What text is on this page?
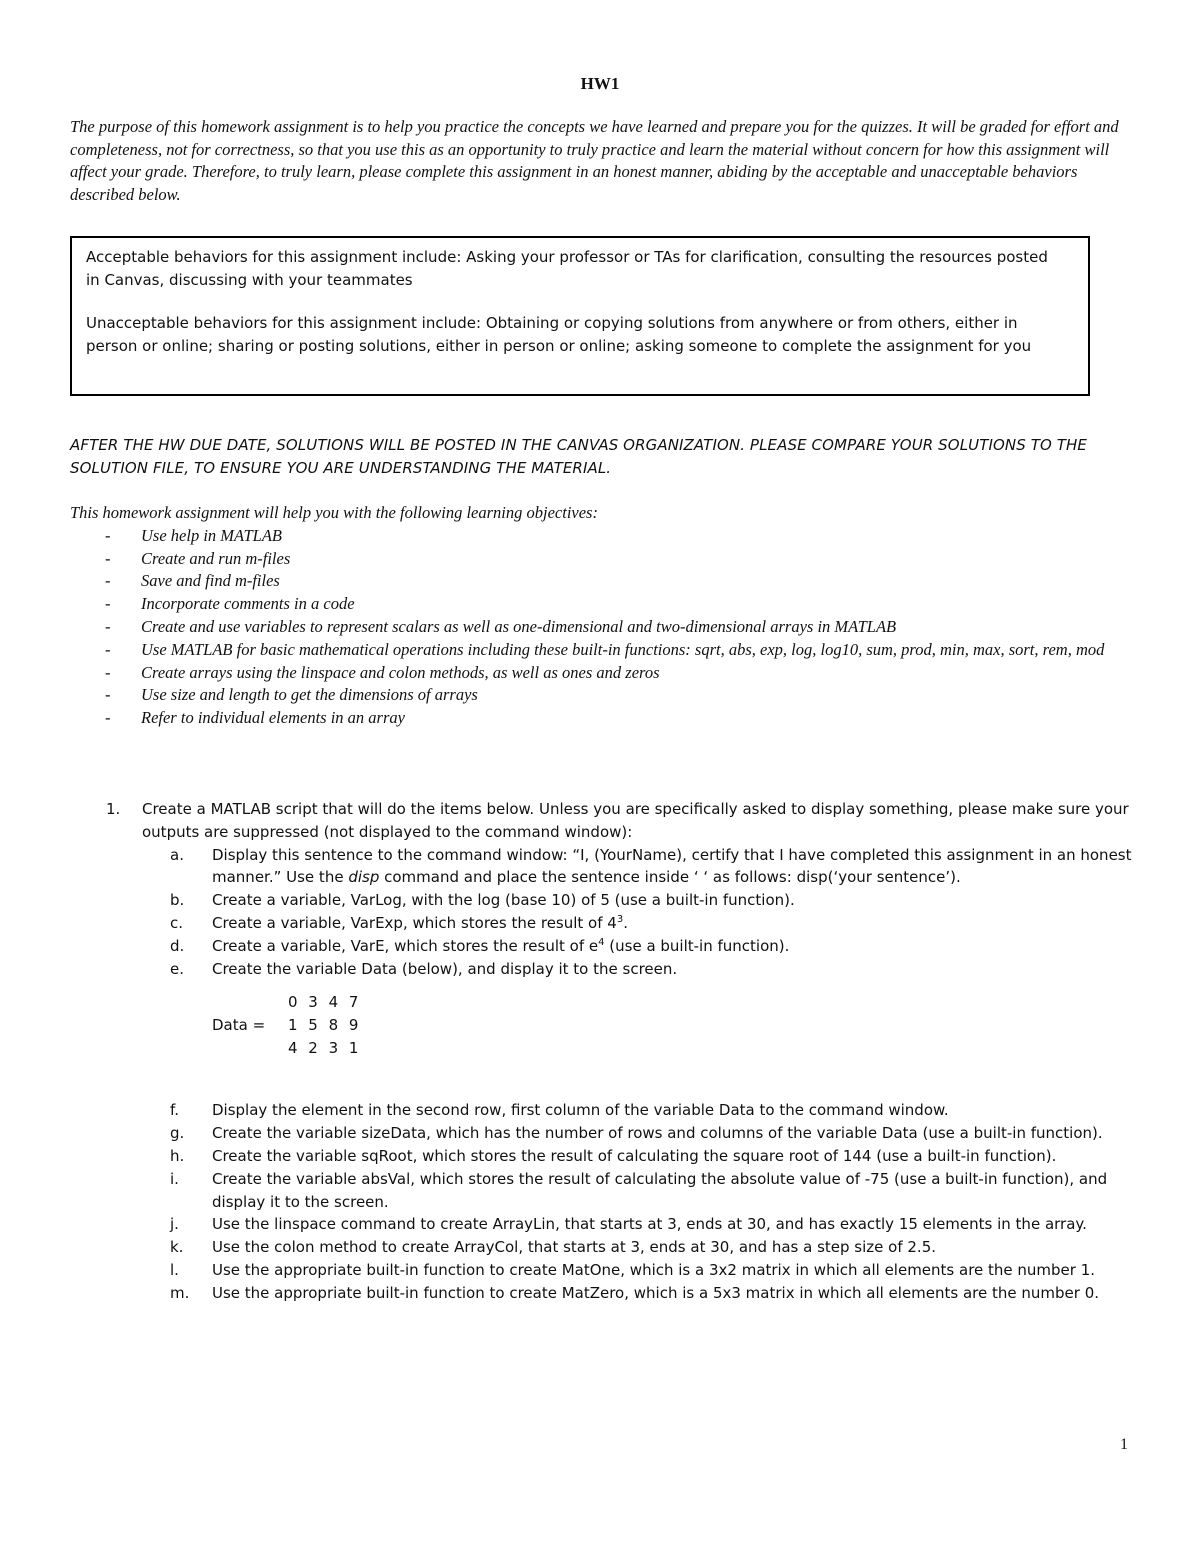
HW1
The purpose of this homework assignment is to help you practice the concepts we have learned and prepare you for the quizzes. It will be graded for effort and completeness, not for correctness, so that you use this as an opportunity to truly practice and learn the material without concern for how this assignment will affect your grade. Therefore, to truly learn, please complete this assignment in an honest manner, abiding by the acceptable and unacceptable behaviors described below.

Acceptable behaviors for this assignment include: Asking your professor or TAs for clarification, consulting the resources posted in Canvas, discussing with your teammates

Unacceptable behaviors for this assignment include: Obtaining or copying solutions from anywhere or from others, either in person or online; sharing or posting solutions, either in person or online; asking someone to complete the assignment for you

AFTER THE HW DUE DATE, SOLUTIONS WILL BE POSTED IN THE CANVAS ORGANIZATION. PLEASE COMPARE YOUR SOLUTIONS TO THE SOLUTION FILE, TO ENSURE YOU ARE UNDERSTANDING THE MATERIAL.
This homework assignment will help you with the following learning objectives:
- Use help in MATLAB
- Create and run m-files
- Save and find m-files
- Incorporate comments in a code
- Create and use variables to represent scalars as well as one-dimensional and two-dimensional arrays in MATLAB
- Use MATLAB for basic mathematical operations including these built-in functions: sqrt, abs, exp, log, log10, sum, prod, min, max, sort, rem, mod
- Create arrays using the linspace and colon methods, as well as ones and zeros
- Use size and length to get the dimensions of arrays
- Refer to individual elements in an array
1. Create a MATLAB script that will do the items below. Unless you are specifically asked to display something, please make sure your outputs are suppressed (not displayed to the command window):
a. Display this sentence to the command window: “I, (YourName), certify that I have completed this assignment in an honest manner.” Use the disp command and place the sentence inside ‘ ‘ as follows: disp(‘your sentence’).
b. Create a variable, VarLog, with the log (base 10) of 5 (use a built-in function).
c. Create a variable, VarExp, which stores the result of $4^3$.
d. Create a variable, VarE, which stores the result of $e^4$ (use a built-in function).
e. Create the variable Data (below), and display it to the screen.
Data =
0 3 4 7
1 5 8 9
4 2 3 1
f. Display the element in the second row, first column of the variable Data to the command window.
g. Create the variable sizeData, which has the number of rows and columns of the variable Data (use a built-in function).
h. Create the variable sqRoot, which stores the result of calculating the square root of 144 (use a built-in function).
i. Create the variable absVal, which stores the result of calculating the absolute value of -75 (use a built-in function), and display it to the screen.
j. Use the linspace command to create ArrayLin, that starts at 3, ends at 30, and has exactly 15 elements in the array.
k. Use the colon method to create ArrayCol, that starts at 3, ends at 30, and has a step size of 2.5.
l. Use the appropriate built-in function to create MatOne, which is a 3x2 matrix in which all elements are the number 1.
m. Use the appropriate built-in function to create MatZero, which is a 5x3 matrix in which all elements are the number 0.
1
